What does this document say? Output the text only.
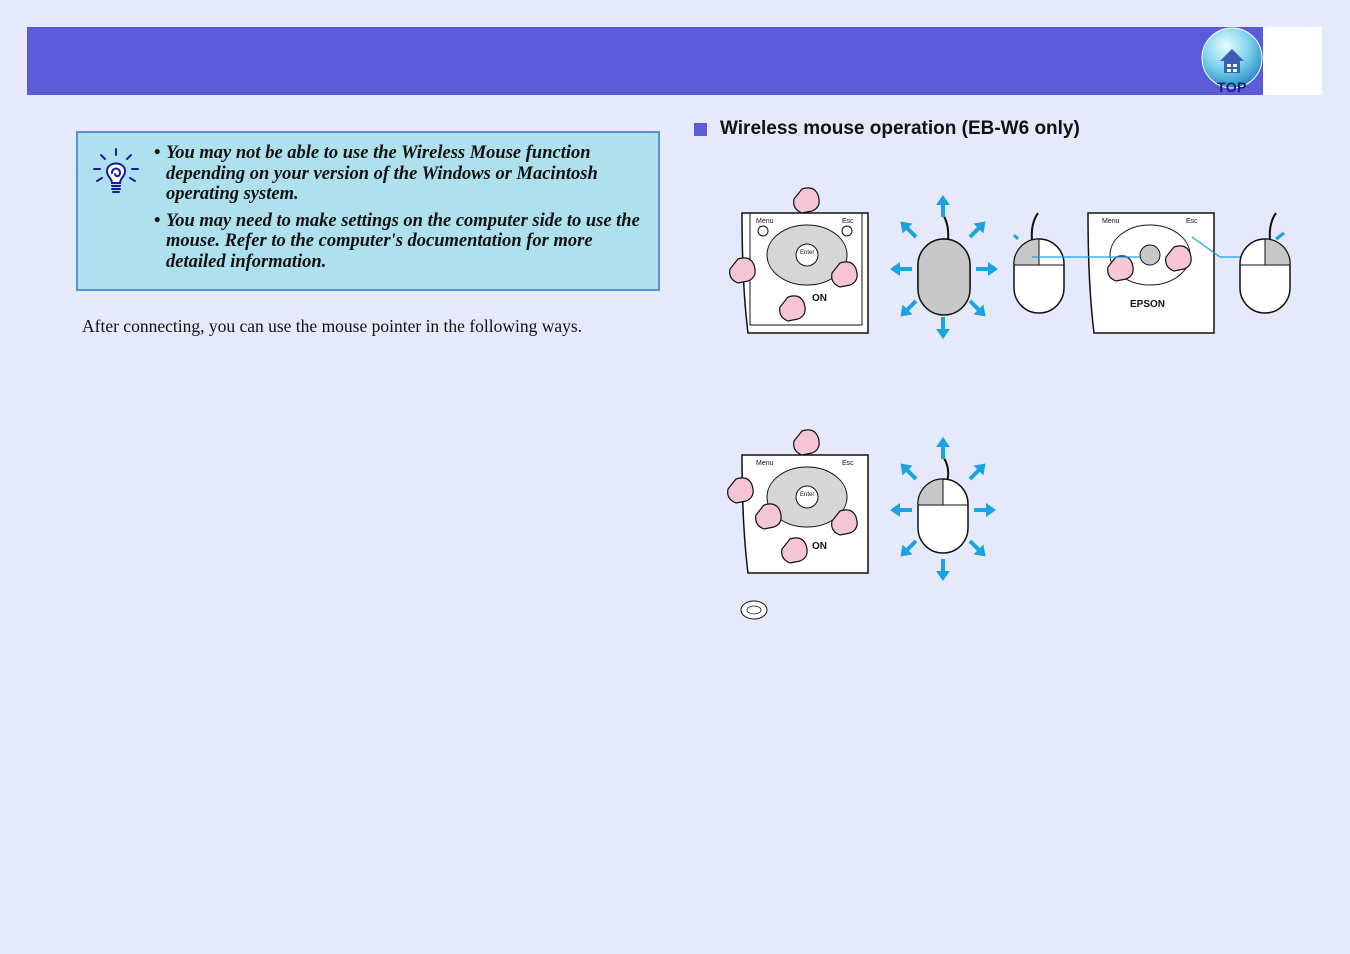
TOP
• You may not be able to use the Wireless Mouse function depending on your version of the Windows or Macintosh operating system.
• You may need to make settings on the computer side to use the mouse. Refer to the computer's documentation for more detailed information.
After connecting, you can use the mouse pointer in the following ways.
Wireless mouse operation (EB-W6 only)
Menu	Esc
Enter
ON
Menu	Esc
EPSON
Menu	Esc
Enter
ON
